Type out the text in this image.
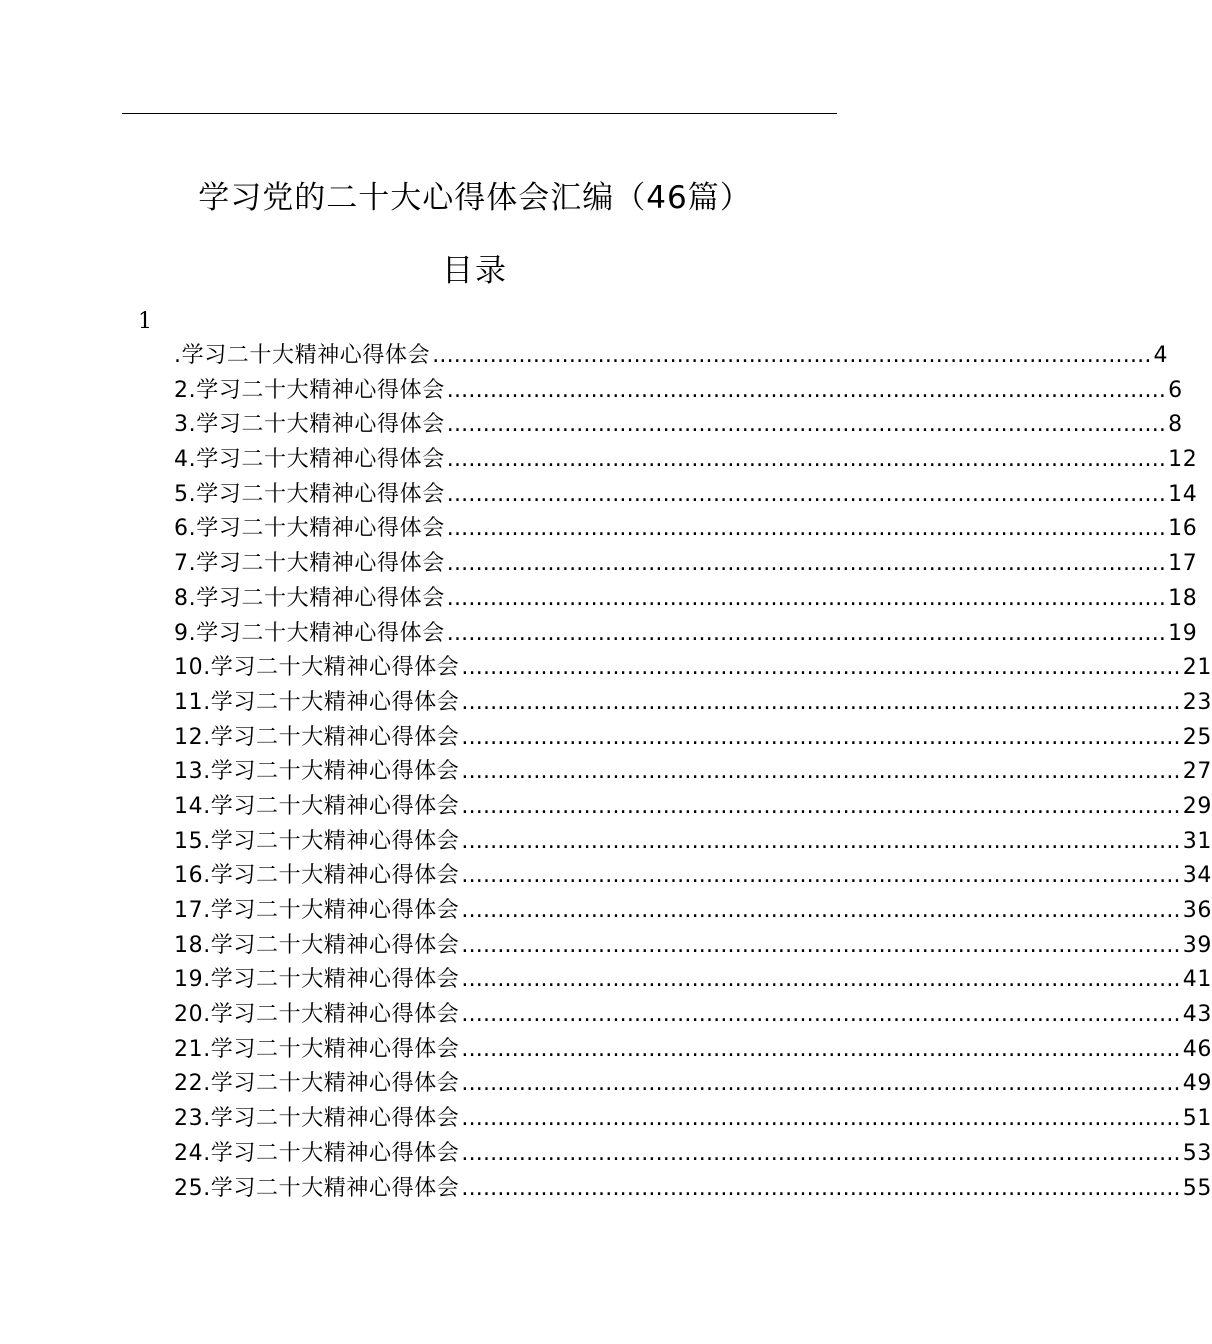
学习党的二十大心得体会汇编（46篇）
目录
1
.学习二十大精神心得体会 .................................................................................................... 4
2.学习二十大精神心得体会 .................................................................................................... 6
3.学习二十大精神心得体会 .................................................................................................... 8
4.学习二十大精神心得体会 .................................................................................................... 12
5.学习二十大精神心得体会 .................................................................................................... 14
6.学习二十大精神心得体会 .................................................................................................... 16
7.学习二十大精神心得体会 .................................................................................................... 17
8.学习二十大精神心得体会 .................................................................................................... 18
9.学习二十大精神心得体会 .................................................................................................... 19
10.学习二十大精神心得体会 .................................................................................................... 21
11.学习二十大精神心得体会 .................................................................................................... 23
12.学习二十大精神心得体会 .................................................................................................... 25
13.学习二十大精神心得体会 .................................................................................................... 27
14.学习二十大精神心得体会 .................................................................................................... 29
15.学习二十大精神心得体会 .................................................................................................... 31
16.学习二十大精神心得体会 .................................................................................................... 34
17.学习二十大精神心得体会 .................................................................................................... 36
18.学习二十大精神心得体会 .................................................................................................... 39
19.学习二十大精神心得体会 .................................................................................................... 41
20.学习二十大精神心得体会 .................................................................................................... 43
21.学习二十大精神心得体会 .................................................................................................... 46
22.学习二十大精神心得体会 .................................................................................................... 49
23.学习二十大精神心得体会 .................................................................................................... 51
24.学习二十大精神心得体会 .................................................................................................... 53
25.学习二十大精神心得体会 .................................................................................................... 55
